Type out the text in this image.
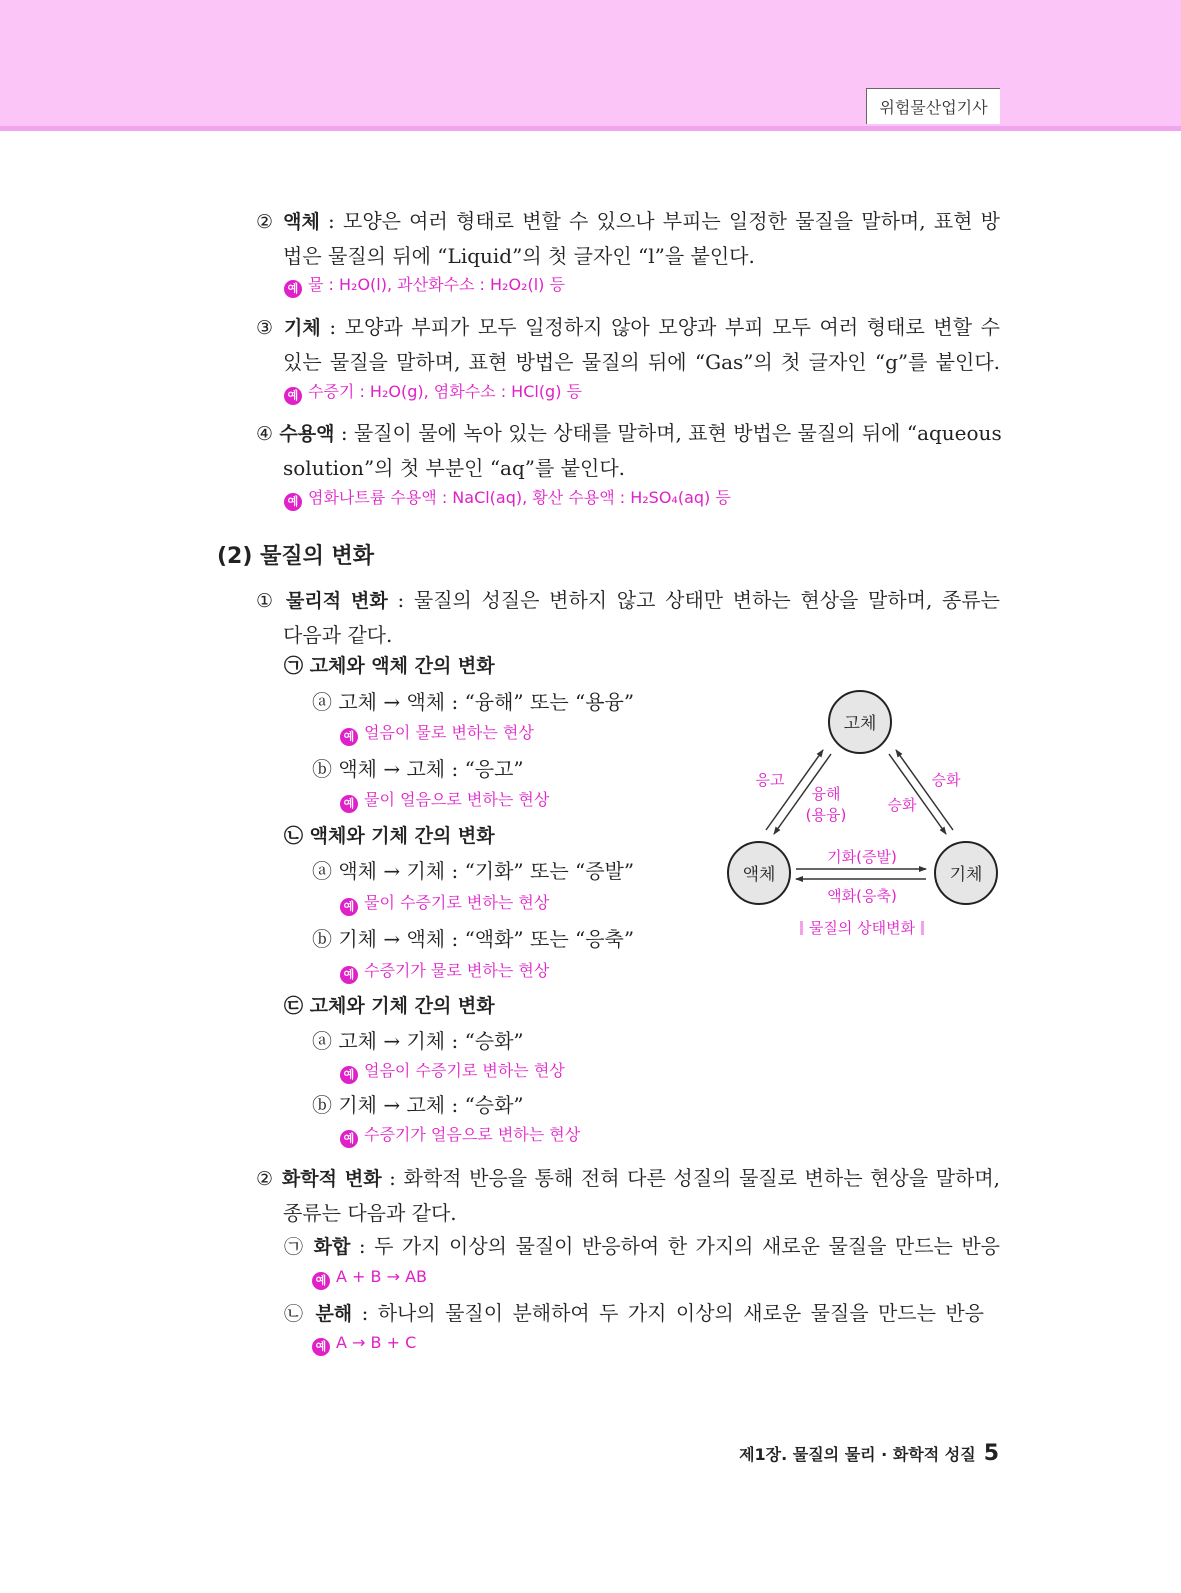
위험물산업기사
② 액체 : 모양은 여러 형태로 변할 수 있으나 부피는 일정한 물질을 말하며, 표현 방
법은 물질의 뒤에 “Liquid”의 첫 글자인 “l”을 붙인다.
예 물 : H₂O(l), 과산화수소 : H₂O₂(l) 등
③ 기체 : 모양과 부피가 모두 일정하지 않아 모양과 부피 모두 여러 형태로 변할 수
있는 물질을 말하며, 표현 방법은 물질의 뒤에 “Gas”의 첫 글자인 “g”를 붙인다.
예 수증기 : H₂O(g), 염화수소 : HCl(g) 등
④ 수용액 : 물질이 물에 녹아 있는 상태를 말하며, 표현 방법은 물질의 뒤에 “aqueous
solution”의 첫 부분인 “aq”를 붙인다.
예 염화나트륨 수용액 : NaCl(aq), 황산 수용액 : H₂SO₄(aq) 등
(2) 물질의 변화
① 물리적 변화 : 물질의 성질은 변하지 않고 상태만 변하는 현상을 말하며, 종류는
다음과 같다.
㉠ 고체와 액체 간의 변화
ⓐ 고체 → 액체 : “융해” 또는 “용융”
예 얼음이 물로 변하는 현상
ⓑ 액체 → 고체 : “응고”
예 물이 얼음으로 변하는 현상
㉡ 액체와 기체 간의 변화
ⓐ 액체 → 기체 : “기화” 또는 “증발”
예 물이 수증기로 변하는 현상
ⓑ 기체 → 액체 : “액화” 또는 “응축”
예 수증기가 물로 변하는 현상
㉢ 고체와 기체 간의 변화
ⓐ 고체 → 기체 : “승화”
예 얼음이 수증기로 변하는 현상
ⓑ 기체 → 고체 : “승화”
예 수증기가 얼음으로 변하는 현상
② 화학적 변화 : 화학적 반응을 통해 전혀 다른 성질의 물질로 변하는 현상을 말하며,
종류는 다음과 같다.
㉠ 화합 : 두 가지 이상의 물질이 반응하여 한 가지의 새로운 물질을 만드는 반응
예 A + B → AB
㉡ 분해 : 하나의 물질이 분해하여 두 가지 이상의 새로운 물질을 만드는 반응
예 A → B + C
고체
액체	기체
응고
융해
(용융)
승화
승화
기화(증발)
액화(응축)
물질의 상태변화
제1장. 물질의 물리 · 화학적 성질 5
